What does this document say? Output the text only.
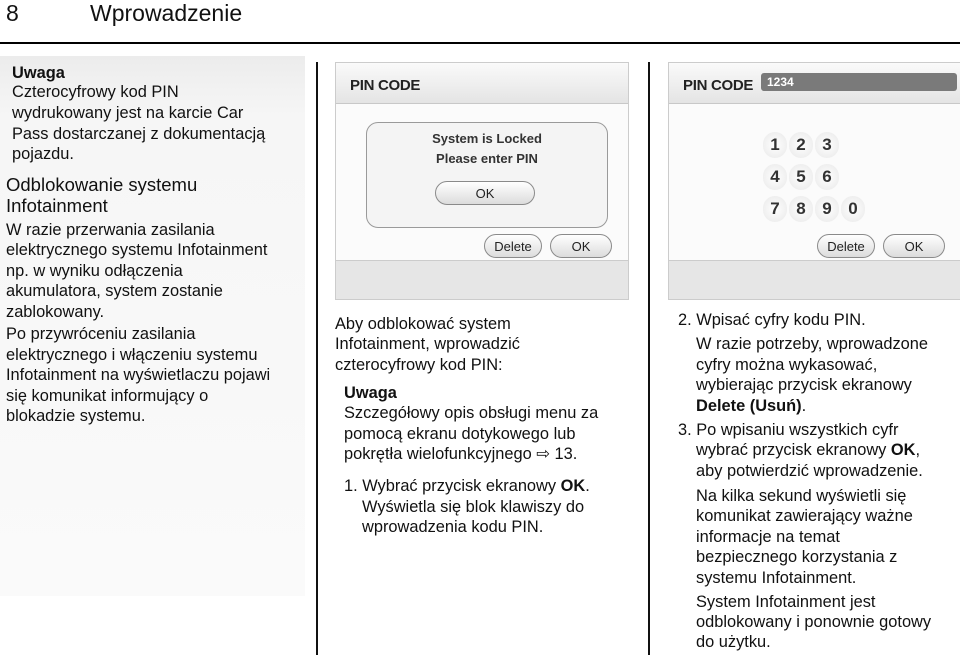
8	Wprowadzenie

Uwaga

Czterocyfrowy kod PIN

wydrukowany jest na karcie Car

Pass dostarczanej z dokumentacją

pojazdu.

Odblokowanie systemu

Infotainment

W razie przerwania zasilania

elektrycznego systemu Infotainment

np. w wyniku odłączenia

akumulatora, system zostanie

zablokowany.

Po przywróceniu zasilania

elektrycznego i włączeniu systemu

Infotainment na wyświetlaczu pojawi

się komunikat informujący o

blokadzie systemu.

PIN CODE
System is Locked
Please enter PIN
OK
Delete	OK
PIN CODE	1234
1 2 3
4 5 6
7 8 9 0
Delete	OK

Aby odblokować system

Infotainment, wprowadzić

czterocyfrowy kod PIN:

Uwaga

Szczegółowy opis obsługi menu za

pomocą ekranu dotykowego lub

pokrętła wielofunkcyjnego ⇨ 13.

1. Wybrać przycisk ekranowy OK.

Wyświetla się blok klawiszy do

wprowadzenia kodu PIN.

2. Wpisać cyfry kodu PIN.

W razie potrzeby, wprowadzone

cyfry można wykasować,

wybierając przycisk ekranowy

Delete (Usuń).

3. Po wpisaniu wszystkich cyfr

wybrać przycisk ekranowy OK,

aby potwierdzić wprowadzenie.

Na kilka sekund wyświetli się

komunikat zawierający ważne

informacje na temat

bezpiecznego korzystania z

systemu Infotainment.

System Infotainment jest

odblokowany i ponownie gotowy

do użytku.
